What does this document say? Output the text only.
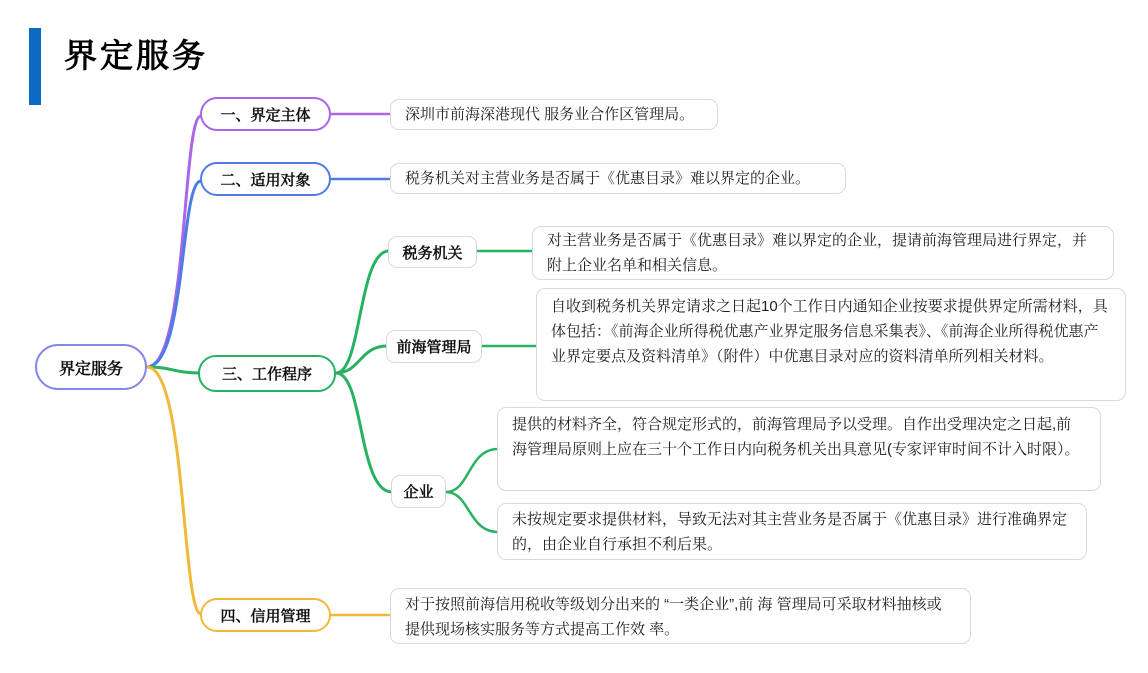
界定服务
界定服务
一、界定主体
二、适用对象
三、工作程序
四、信用管理
税务机关
前海管理局
企业
深圳市前海深港现代 服务业合作区管理局。
税务机关对主营业务是否属于《优惠目录》难以界定的企业。
对主营业务是否属于《优惠目录》难以界定的企业，提请前海管理局进行界定，并附上企业名单和相关信息。
自收到税务机关界定请求之日起10个工作日内通知企业按要求提供界定所需材料，具体包括：《前海企业所得税优惠产业界定服务信息采集表》、《前海企业所得税优惠产业界定要点及资料清单》（附件）中优惠目录对应的资料清单所列相关材料。
提供的材料齐全，符合规定形式的，前海管理局予以受理。自作出受理决定之日起,前海管理局原则上应在三十个工作日内向税务机关出具意见(专家评审时间不计入时限）。
未按规定要求提供材料，导致无法对其主营业务是否属于《优惠目录》进行准确界定的，由企业自行承担不利后果。
对于按照前海信用税收等级划分出来的 “一类企业”,前 海 管理局可采取材料抽核或提供现场核实服务等方式提高工作效 率。
